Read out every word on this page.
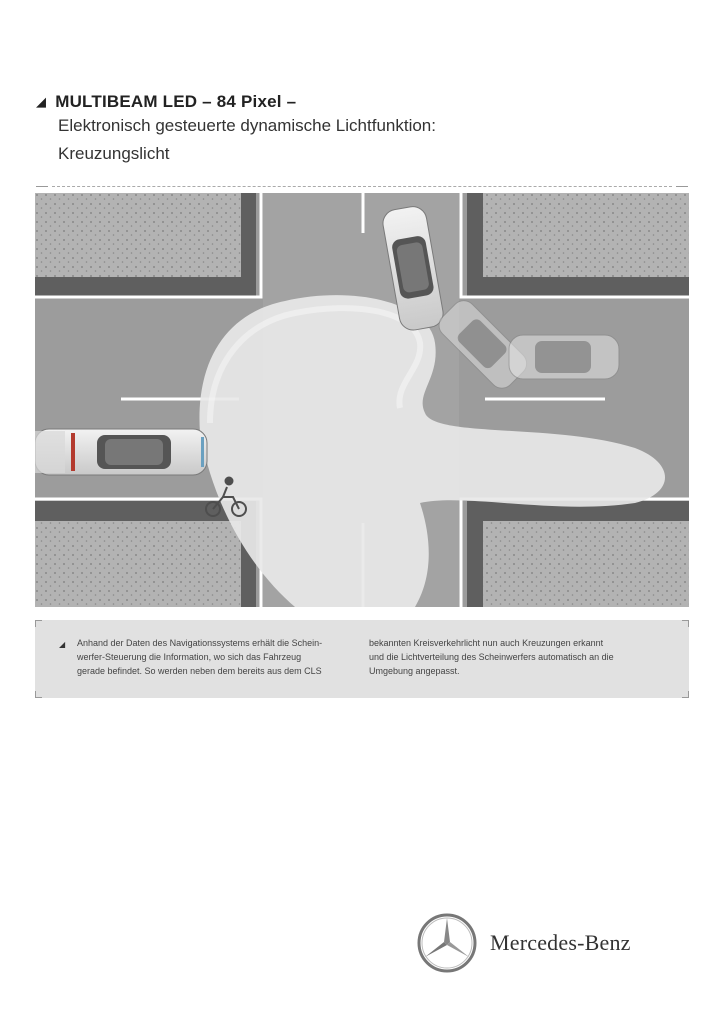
◢ MULTIBEAM LED – 84 Pixel –
Elektronisch gesteuerte dynamische Lichtfunktion:
Kreuzungslicht
◢ Anhand der Daten des Navigationssystems erhält die Schein-
werfer-Steuerung die Information, wo sich das Fahrzeug
gerade befindet. So werden neben dem bereits aus dem CLS
bekannten Kreisverkehrlicht nun auch Kreuzungen erkannt
und die Lichtverteilung des Scheinwerfers automatisch an die
Umgebung angepasst.
Mercedes-Benz
